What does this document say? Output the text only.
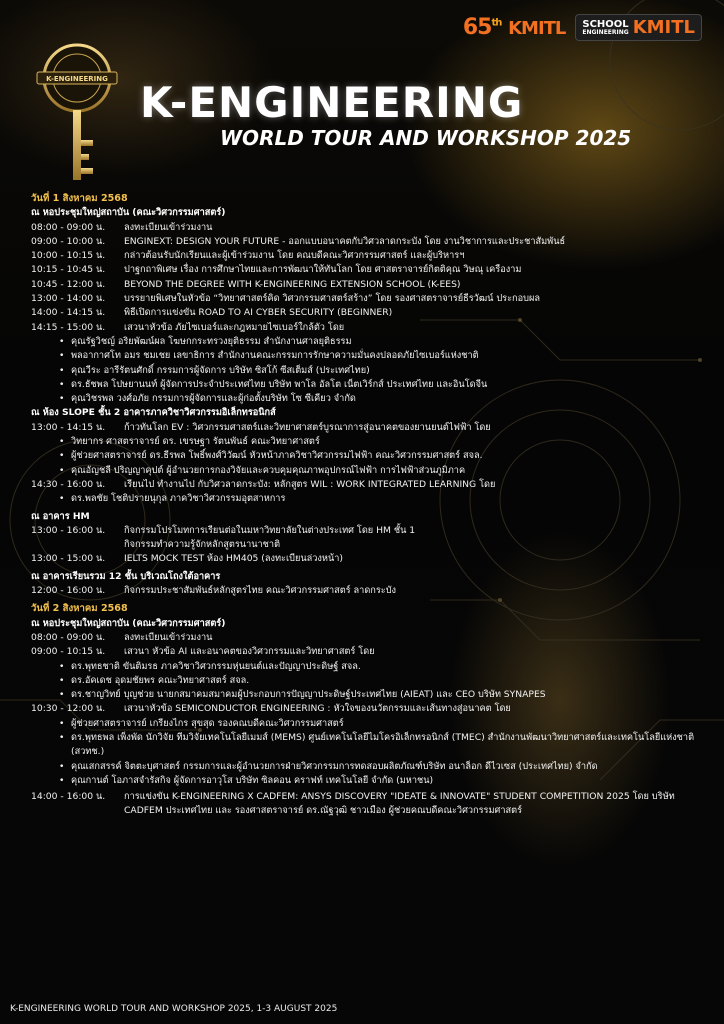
65th KMITL SCHOOL
ENGINEERING KMITL
K-ENGINEERING K-ENGINEERING
WORLD TOUR AND WORKSHOP 2025
วันที่ 1 สิงหาคม 2568
ณ หอประชุมใหญ่สถาบัน (คณะวิศวกรรมศาสตร์)
08:00 - 09:00 น.	ลงทะเบียนเข้าร่วมงาน
09:00 - 10:00 น.	ENGINEXT: DESIGN YOUR FUTURE - ออกแบบอนาคตกับวิศวลาดกระบัง โดย งานวิชาการและประชาสัมพันธ์
10:00 - 10:15 น.	กล่าวต้อนรับนักเรียนและผู้เข้าร่วมงาน โดย คณบดีคณะวิศวกรรมศาสตร์ และผู้บริหารฯ
10:15 - 10:45 น.	ปาฐกถาพิเศษ เรื่อง การศึกษาไทยและการพัฒนาให้ทันโลก โดย ศาสตราจารย์กิตติคุณ วิษณุ เครืองาม
10:45 - 12:00 น.	BEYOND THE DEGREE WITH K-ENGINEERING EXTENSION SCHOOL (K-EES)
13:00 - 14:00 น.	บรรยายพิเศษในหัวข้อ “วิทยาศาสตร์คิด วิศวกรรมศาสตร์สร้าง” โดย รองศาสตราจารย์ธีรวัฒน์ ประกอบผล
14:00 - 14:15 น.	พิธีเปิดการแข่งขัน ROAD TO AI CYBER SECURITY (BEGINNER)
14:15 - 15:00 น.	เสวนาหัวข้อ ภัยไซเบอร์และกฎหมายไซเบอร์ใกล้ตัว โดย
• คุณรัฐวิชญ์ อริยพัฒน์ผล โฆษกกระทรวงยุติธรรม สำนักงานศาลยุติธรรม
• พลอากาศโท อมร ชมเชย เลขาธิการ สำนักงานคณะกรรมการรักษาความมั่นคงปลอดภัยไซเบอร์แห่งชาติ
• คุณวีระ อารีรัตนศักดิ์ กรรมการผู้จัดการ บริษัท ซิสโก้ ซีสเต็มส์ (ประเทศไทย)
• ดร.ธัชพล โปษยานนท์ ผู้จัดการประจำประเทศไทย บริษัท พาโล อัลโต เน็ตเวิร์กส์ ประเทศไทย และอินโดจีน
• คุณวิชรพล วงศ์อภัย กรรมการผู้จัดการและผู้ก่อตั้งบริษัท โซ ซีเคียว จำกัด
ณ ห้อง SLOPE ชั้น 2 อาคารภาควิชาวิศวกรรมอิเล็กทรอนิกส์
13:00 - 14:15 น.	ก้าวทันโลก EV : วิศวกรรมศาสตร์และวิทยาศาสตร์บูรณาการสู่อนาคตของยานยนต์ไฟฟ้า โดย
• วิทยากร ศาสตราจารย์ ดร. เขรษฐา รัตนพันธ์ คณะวิทยาศาสตร์
• ผู้ช่วยศาสตราจารย์ ดร.ธีรพล โพธิ์พงศ์วิวัฒน์ หัวหน้าภาควิชาวิศวกรรมไฟฟ้า คณะวิศวกรรมศาสตร์ สจล.
• คุณอัญชลี ปริญญาคุปต์ ผู้อำนวยการกองวิจัยและควบคุมคุณภาพอุปกรณ์ไฟฟ้า การไฟฟ้าส่วนภูมิภาค
14:30 - 16:00 น.	เรียนไป ทำงานไป กับวิศวลาดกระบัง: หลักสูตร WIL : WORK INTEGRATED LEARNING โดย
• ดร.พลชัย โชติปรายนุกุล ภาควิชาวิศวกรรมอุตสาหการ
ณ อาคาร HM
13:00 - 16:00 น.	กิจกรรมโปรโมทการเรียนต่อในมหาวิทยาลัยในต่างประเทศ โดย HM ชั้น 1
กิจกรรมทำความรู้จักหลักสูตรนานาชาติ
13:00 - 15:00 น.	IELTS MOCK TEST ห้อง HM405 (ลงทะเบียนล่วงหน้า)
ณ อาคารเรียนรวม 12 ชั้น บริเวณโถงใต้อาคาร
12:00 - 16:00 น.	กิจกรรมประชาสัมพันธ์หลักสูตรไทย คณะวิศวกรรมศาสตร์ ลาดกระบัง
วันที่ 2 สิงหาคม 2568
ณ หอประชุมใหญ่สถาบัน (คณะวิศวกรรมศาสตร์)
08:00 - 09:00 น.	ลงทะเบียนเข้าร่วมงาน
09:00 - 10:15 น.	เสวนา หัวข้อ AI และอนาคตของวิศวกรรมและวิทยาศาสตร์ โดย
• ดร.พุทธชาติ ขันติมรธ ภาควิชาวิศวกรรมหุ่นยนต์และปัญญาประดิษฐ์ สจล.
• ดร.อัคเดช อุดมชัยพร คณะวิทยาศาสตร์ สจล.
• ดร.ชาญวิทย์ บุญช่วย นายกสมาคมสมาคมผู้ประกอบการปัญญาประดิษฐ์ประเทศไทย (AIEAT) และ CEO บริษัท SYNAPES
10:30 - 12:00 น.	เสวนาหัวข้อ SEMICONDUCTOR ENGINEERING : หัวใจของนวัตกรรมและเส้นทางสู่อนาคต โดย
• ผู้ช่วยศาสตราจารย์ เกรียงไกร สุขสุด รองคณบดีคณะวิศวกรรมศาสตร์
• ดร.พุทธพล เพ็งพัด นักวิจัย ทีมวิจัยเทคโนโลยีเมมส์ (MEMS) ศูนย์เทคโนโลยีไมโครอิเล็กทรอนิกส์ (TMEC) สำนักงานพัฒนาวิทยาศาสตร์และเทคโนโลยีแห่งชาติ (สวทช.)
• คุณเสกสรรค์ จิตตะบุศาสตร์ กรรมการและผู้อำนวยการฝ่ายวิศวกรรมการทดสอบผลิตภัณฑ์บริษัท อนาล็อก ดีไวเซส (ประเทศไทย) จำกัด
• คุณกานต์ โอภาสจำรัสกิจ ผู้จัดการอาวุโส บริษัท ซิลคอน คราฟท์ เทคโนโลยี จำกัด (มหาชน)
14:00 - 16:00 น.	การแข่งขัน K-ENGINEERING X CADFEM: ANSYS DISCOVERY "IDEATE & INNOVATE" STUDENT COMPETITION 2025 โดย บริษัท CADFEM ประเทศไทย และ รองศาสตราจารย์ ดร.ณัฐวุฒิ ชาวเมือง ผู้ช่วยคณบดีคณะวิศวกรรมศาสตร์
K-ENGINEERING WORLD TOUR AND WORKSHOP 2025, 1-3 AUGUST 2025
